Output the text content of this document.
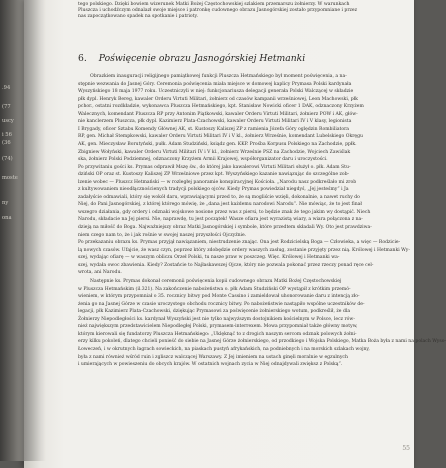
.94
(77
uscy
i 56
(36
(74)
moste
ny
ona
6. Poświęcenie obrazu Jasnogórskiej Hetmanki
tego polskiego. Dzięki bowiem wizerunek Matki Bożej Częstochowskiej szlakiem przemarszu żołnierzy. W warunkach
Pluszcza i uchodźczym odnalazł swoje miejsce i patronkę cudownego obrazu Jasnogórskiej zostało przypomniane i przez
nas zapoczątkowano spadek na spotkanie i patrioty.
Obrazkiem inauguracji religijnego pamiątkowej funkcji Pluszcza Hetmańskiego był moment poświęcenia, a na-
stępnie wezwania do Jasnej Góry. Ceremonia poświęcenia miała miejsce w domowej kaplicy Prymasa Polski kardynała
Wyszyńskiego 18 maja 1977 roku. Uczestniczyli w niej: funkcjonariusza delegacji generała Polski Walczącej w składzie
płk dypl. Henryk Bereg, kawaler Orderu Virtuti Militari, żołnierz od czasów kampanii wrześniowej, Leon Machowski, płk
pchor., ostatni rozdkładzie, wykonawca Pluszcza Hetmańskiego, kpt. Stanisław Nowicki oficer 1 DAK, odznaczony Krzyżem
Walecznych, komendant Pluszcza RP przy Antonim Piątkowski, kawaler Orderu Virtuti Militari, żołnierz POW i AK, głów-
nie kanclerzem Pluszcza, płk dypl. Kazimierz Plata-Czachowski, kawaler Orderu Virtuti Militari IV i V klasy, legionista
I Brygady, oficer Sztabu Komendy Głównej AK, st. Kustoszy Kaliszej ZP z ramienia Józefa Góry oględzin Rombiliatora
RP, gen. Michał Stempkowski, kawaler Orderu Virtuti Militari IV i V kl., żołnierz Wrześnie, komendant Lubelskiego Okręgu
AK, gen. Mieczysław Borutyński, pułk. Adam Studziński, ksiądz gen. KKP. Prośba Korpusu Polskiego na Zachodzie, ppłk.
Zbigniew Wołyński, kawaler Orderu Virtuti Militari IV i V kl., żołnierz Wrześnie PSZ na Zachodzie, Wojciech Zawiślak
ska, żołnierz Polski Podziemnej, odznaczony Krzyżem Armii Krajowej, współorganizator daru i uroczystości.
Po przywitaniu gości ks. Prymas odprawił Mszę św., do której jako kawalerowi Virtuti Militari służył o. płk. Adam Stu-
dziński OP oraz st. Kustoszy Kaliszej ZP Wrześniowe przez kpt. Wyszyńskiego kazanie nawiązując do szczególne zob-
lzenie wobec — Pluszcz Hetmański — w rozległej panoramie konspiracyjnej Kościoła. „Narodu nasz podkreślało mi zrob
z kultywowaniem nieodłącznościenych tradycji polskiego ojców. Kiedy Prymas powiedział niegdyś, „Jej jesteśmy” i Ja
zadałyście odmawiali, który się wokół daru, wprawiającymi przed to, że są mogliście wzięli, dokonalnie, a nawet ruchy do
Niej, do Pani Jasnogórskiej, z której którego mówię, że „dana jest każdemu narodowi Narodu”. Nie mówiąc, że to jest finał
wszegro działania, gdy ordery i odznaki wojskowe nosione przez was z piersi, to będzie znak że tego jakim wy dostąpić. Niech
Narodu, składacie na Jej piersi. Nie, naprawdę, tu jest początek! Wasze ofiara jest wyrazistą wiary, a wiara połączona z na-
dzieją na miłość do Boga. Najwaźniejszy obraz Matki Jasnogórskiej i symbole, które przedtem składali Wy. Oto jest prawdziwa-
niem czego nam to, że i jak rośnie w swojej naszej przyszłości Ojczyźnie.
Po przekazaniu obrazu ks. Prymas przyjął nawiązaniem, niestrudzenie znając. Ona jest Rodzicielską Boga — Człowieka, a więc — Rodzicie-
lą nowych czasów. Ufajcie, że wasz czyn, poprzez który zdobędzie ordery waszych zasług, zostanie przyjęty przez nią. Królowej i Hetmanki Wy-
szej, wydając ofiarę — w waszym obliczu Orzeł Polski, tu nasze praw w poszczeg. Więc. Królowej i Hetmanki wa-
szej, wydała owoc zbawienia. Kiedy? Zostańcie to Najłaskawszej Ojcze, który nie pozwala pokonać przez rzeczy ponad ręce cel-
wrota, ani Narodu.
Następnie ks. Prymas dokonał ceremonii poświęcenia kopii cudownego obrazu Matki Bożej Częstochowskiej
w Pluszcza Hetmańskim (il.321). Na zakończenie nabożeństwa o. płk Adam Studziński OP wystąpił z krótkim przemó-
wieniem, w którym przypomniał o 35. rocznicy bitwy pod Monte Cassino i zamieldował uhonorowanie daru z intencją zło-
żenia go na Jasnej Górze w czasie uroczystego obchodu rocznicy bitwy. Po nabożeństwie nastąpiło wspólne uczestników de-
legacji, płk Kazimierz Plata-Czachowski, dziękując Prymasowi za poświęcenie żołnierskiego wotum, podkreślił, że dla
Żołnierzy Niepodległości ks. kardynał Wyszyński jest nie tylko najwyższym dostojnikiem kościelnym w Polsce, lecz rów-
nież największym przedstawicielem Niepodległej Polski, prymasem-interrexem. Mowa przypomniał także główny motyw,
którym kierowali się fundatorzy Pluszcza Hetmańskiego: „Uklęknąć to z drogich naszym sercom odznak polowych żołni-
erzy kilku pokoleń, dlatego chcieli ponieść do siebie na Jasnej Górze żołnierskiego, od przodkiego i Wojska Polskiego, Matka Boża była z nami na polach Wyso-
Łoweczeń, i w okrutnych łagrach sowieckich, na piaskach pustyń afrykańskich, na podniebnych i na morskich szlakach wojny,
była z nami również wśród ruin i zgliszcz walczącej Warszawy. Z Jej imieniem na ustach ginęli moralnie w egzulnych
i umierających w powieszeniu do obcych krajów. W ostatnich wojnach zycia w Niej odnajdywali zwiększ z Polską”.
55
